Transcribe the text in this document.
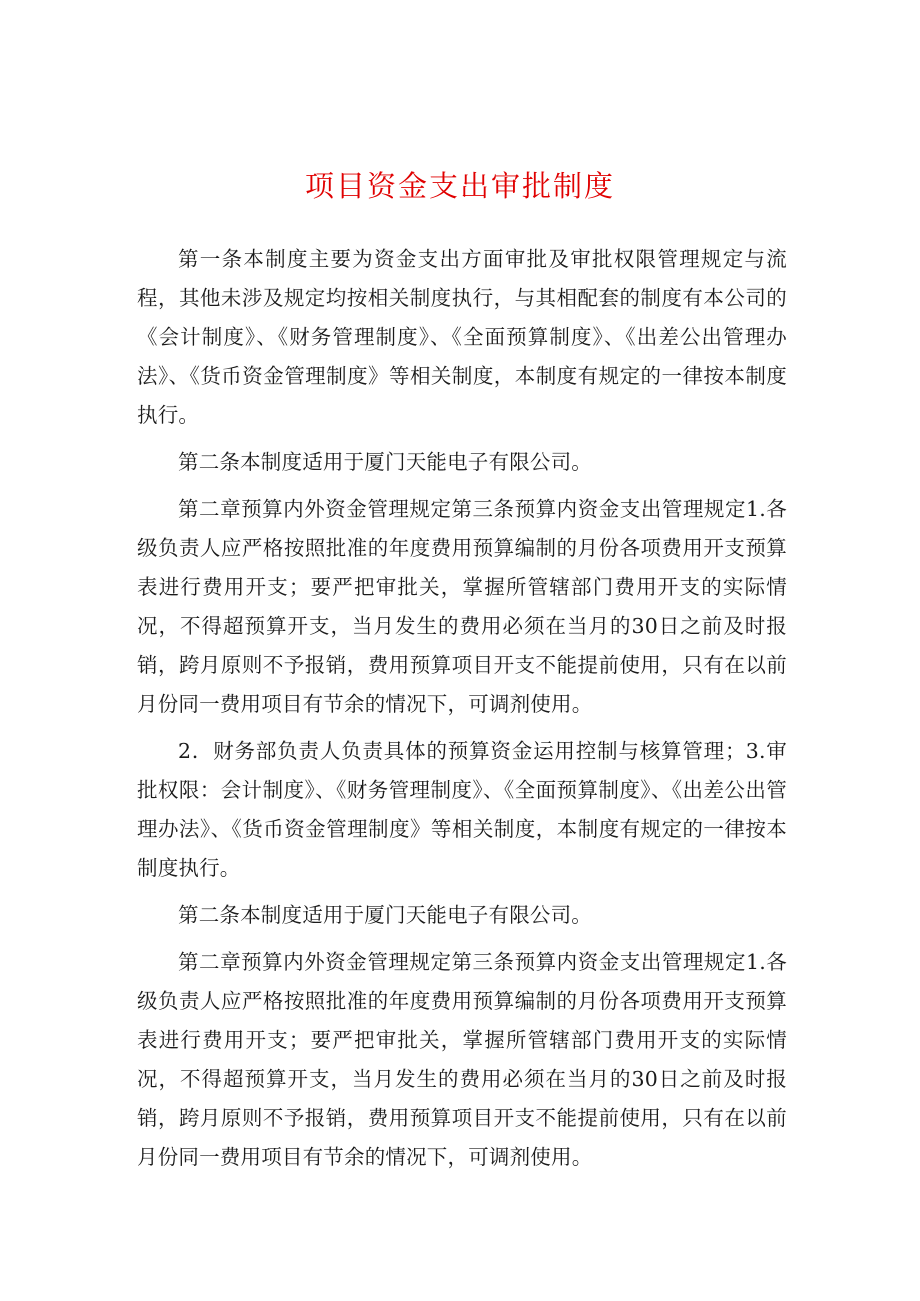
项目资金支出审批制度

第一条本制度主要为资金支出方面审批及审批权限管理规定与流程，其他未涉及规定均按相关制度执行，与其相配套的制度有本公司的《会计制度》、《财务管理制度》、《全面预算制度》、《出差公出管理办法》、《货币资金管理制度》等相关制度，本制度有规定的一律按本制度执行。

第二条本制度适用于厦门天能电子有限公司。

第二章预算内外资金管理规定第三条预算内资金支出管理规定1.各级负责人应严格按照批准的年度费用预算编制的月份各项费用开支预算表进行费用开支；要严把审批关，掌握所管辖部门费用开支的实际情况，不得超预算开支，当月发生的费用必须在当月的30日之前及时报销，跨月原则不予报销，费用预算项目开支不能提前使用，只有在以前月份同一费用项目有节余的情况下，可调剂使用。

2．财务部负责人负责具体的预算资金运用控制与核算管理；3.审批权限：会计制度》、《财务管理制度》、《全面预算制度》、《出差公出管理办法》、《货币资金管理制度》等相关制度，本制度有规定的一律按本制度执行。

第二条本制度适用于厦门天能电子有限公司。

第二章预算内外资金管理规定第三条预算内资金支出管理规定1.各级负责人应严格按照批准的年度费用预算编制的月份各项费用开支预算表进行费用开支；要严把审批关，掌握所管辖部门费用开支的实际情况，不得超预算开支，当月发生的费用必须在当月的30日之前及时报销，跨月原则不予报销，费用预算项目开支不能提前使用，只有在以前月份同一费用项目有节余的情况下，可调剂使用。
